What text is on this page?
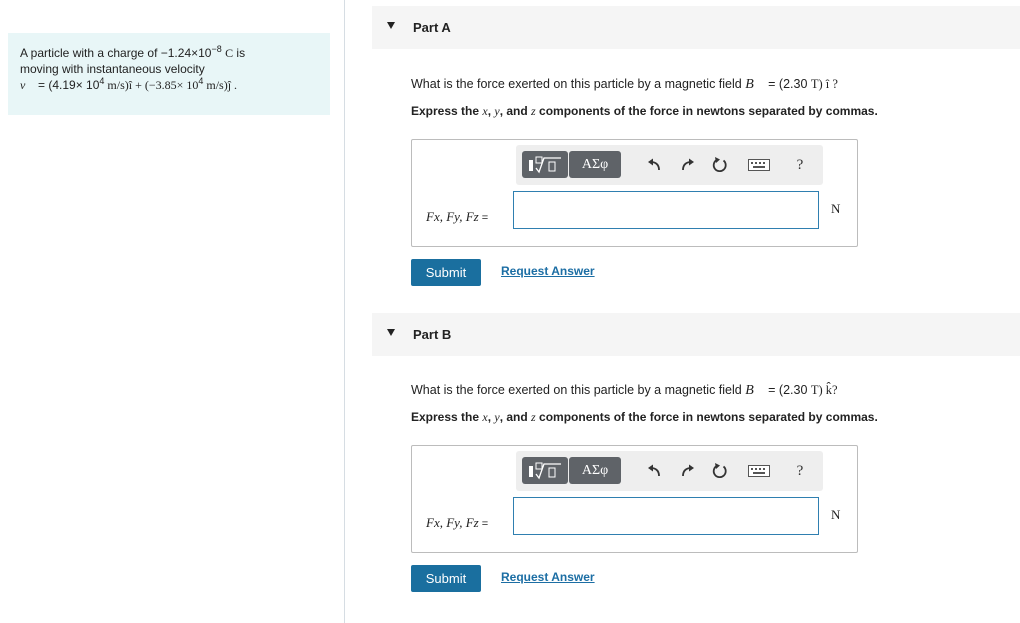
A particle with a charge of $-1.24\times 10^{-8}$ C is
moving with instantaneous velocity
v⃗ = ($4.19\times 10^4$ m/s)î + ($-3.85\times 10^4$ m/s)ĵ .
Part A
What is the force exerted on this particle by a magnetic field B⃗ = (2.30 T) î ?
Express the x, y, and z components of the force in newtons separated by commas.
ΑΣφ	?
Fx, Fy, Fz =
N
Submit	Request Answer
Part B
What is the force exerted on this particle by a magnetic field B⃗ = (2.30 T) k̂?
Express the x, y, and z components of the force in newtons separated by commas.
ΑΣφ	?
Fx, Fy, Fz =
N
Submit	Request Answer
